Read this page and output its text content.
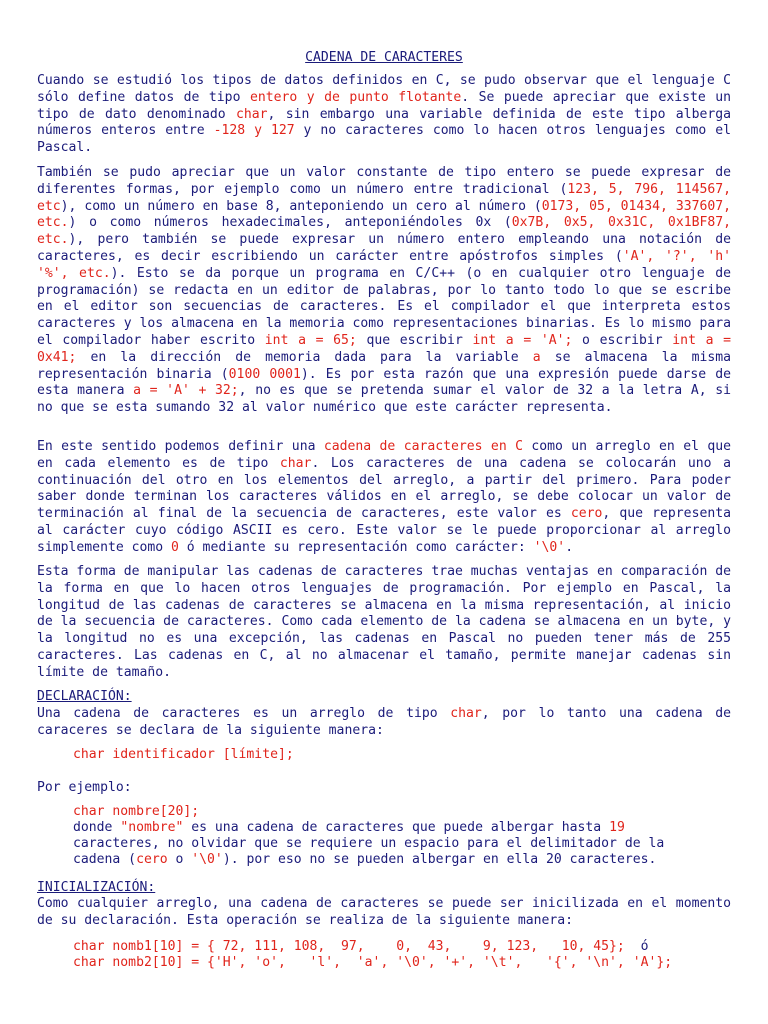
CADENA DE CARACTERES

Cuando se estudió los tipos de datos definidos en C, se pudo observar que el lenguaje C sólo define datos de tipo entero y de punto flotante. Se puede apreciar que existe un tipo de dato denominado char, sin embargo una variable definida de este tipo alberga números enteros entre -128 y 127 y no caracteres como lo hacen otros lenguajes como el Pascal.

También se pudo apreciar que un valor constante de tipo entero se puede expresar de diferentes formas, por ejemplo como un número entre tradicional (123, 5, 796, 114567, etc), como un número en base 8, anteponiendo un cero al número (0173, 05, 01434, 337607, etc.) o como números hexadecimales, anteponiéndoles 0x (0x7B, 0x5, 0x31C, 0x1BF87, etc.), pero también se puede expresar un número entero empleando una notación de caracteres, es decir escribiendo un carácter entre apóstrofos simples ('A', '?', 'h' '%', etc.). Esto se da porque un programa en C/C++ (o en cualquier otro lenguaje de programación) se redacta en un editor de palabras, por lo tanto todo lo que se escribe en el editor son secuencias de caracteres. Es el compilador el que interpreta estos caracteres y los almacena en la memoria como representaciones binarias. Es lo mismo para el compilador haber escrito int a = 65; que escribir int a = 'A'; o escribir int a = 0x41; en la dirección de memoria dada para la variable a se almacena la misma representación binaria (0100 0001). Es por esta razón que una expresión puede darse de esta manera a = 'A' + 32;, no es que se pretenda sumar el valor de 32 a la letra A, si no que se esta sumando 32 al valor numérico que este carácter representa.

En este sentido podemos definir una cadena de caracteres en C como un arreglo en el que en cada elemento es de tipo char. Los caracteres de una cadena se colocarán uno a continuación del otro en los elementos del arreglo, a partir del primero. Para poder saber donde terminan los caracteres válidos en el arreglo, se debe colocar un valor de terminación al final de la secuencia de caracteres, este valor es cero, que representa al carácter cuyo código ASCII es cero. Este valor se le puede proporcionar al arreglo simplemente como 0 ó mediante su representación como carácter: '\0'.

Esta forma de manipular las cadenas de caracteres trae muchas ventajas en comparación de la forma en que lo hacen otros lenguajes de programación. Por ejemplo en Pascal, la longitud de las cadenas de caracteres se almacena en la misma representación, al inicio de la secuencia de caracteres. Como cada elemento de la cadena se almacena en un byte, y la longitud no es una excepción, las cadenas en Pascal no pueden tener más de 255 caracteres. Las cadenas en C, al no almacenar el tamaño, permite manejar cadenas sin límite de tamaño.

DECLARACIÓN:

Una cadena de caracteres es un arreglo de tipo char, por lo tanto una cadena de caraceres se declara de la siguiente manera:

char identificador [límite];
Por ejemplo:
char nombre[20];

donde "nombre" es una cadena de caracteres que puede albergar hasta 19 caracteres, no olvidar que se requiere un espacio para el delimitador de la cadena (cero o '\0'). por eso no se pueden albergar en ella 20 caracteres.

INICIALIZACIÓN:

Como cualquier arreglo, una cadena de caracteres se puede ser inicilizada en el momento de su declaración. Esta operación se realiza de la siguiente manera:

char nomb1[10] = { 72, 111, 108,  97,    0,  43,    9, 123,   10, 45};  ó
char nomb2[10] = {'H', 'o',   'l',  'a', '\0', '+', '\t',   '{', '\n', 'A'};
